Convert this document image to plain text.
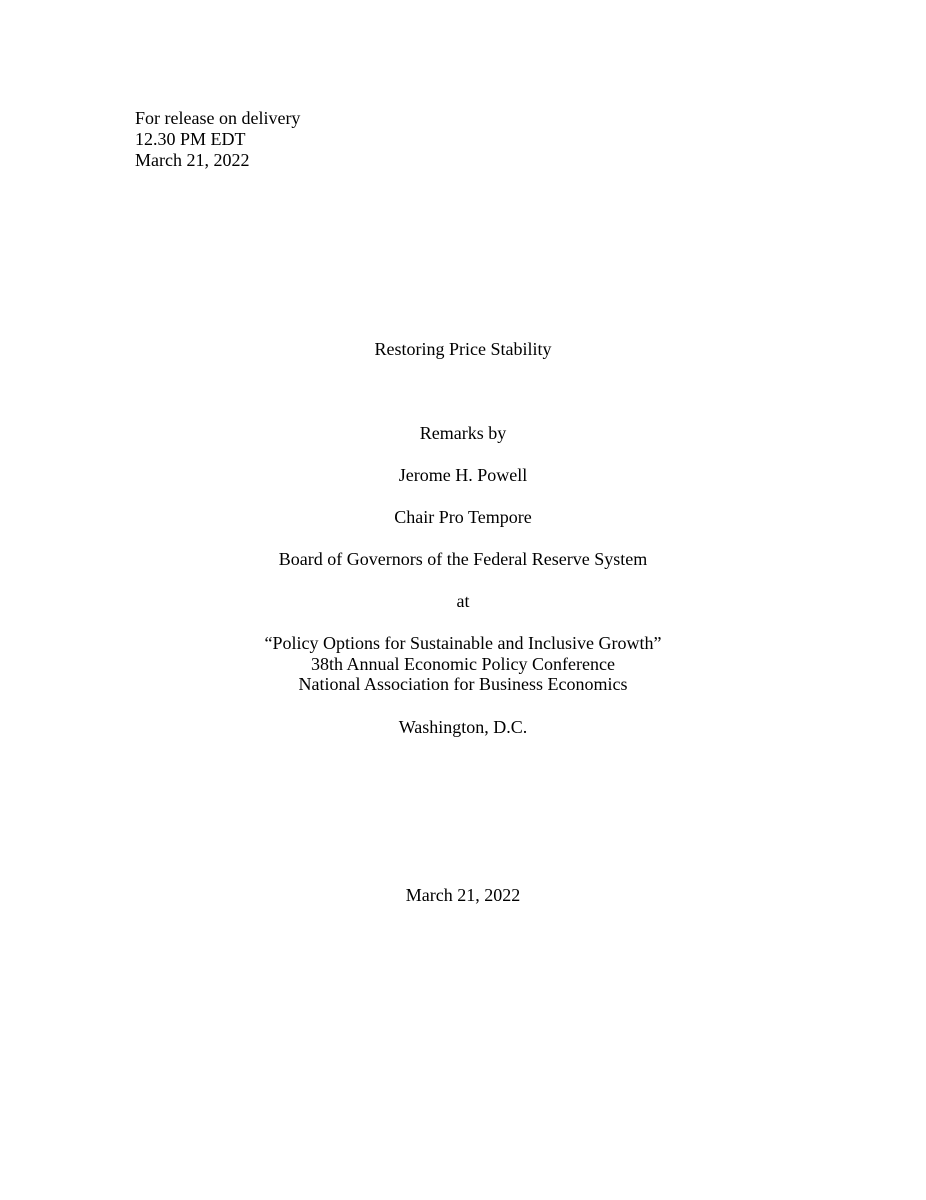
For release on delivery
12.30 PM EDT
March 21, 2022
Restoring Price Stability
Remarks by
Jerome H. Powell
Chair Pro Tempore
Board of Governors of the Federal Reserve System
at
“Policy Options for Sustainable and Inclusive Growth”
38th Annual Economic Policy Conference
National Association for Business Economics
Washington, D.C.
March 21, 2022
